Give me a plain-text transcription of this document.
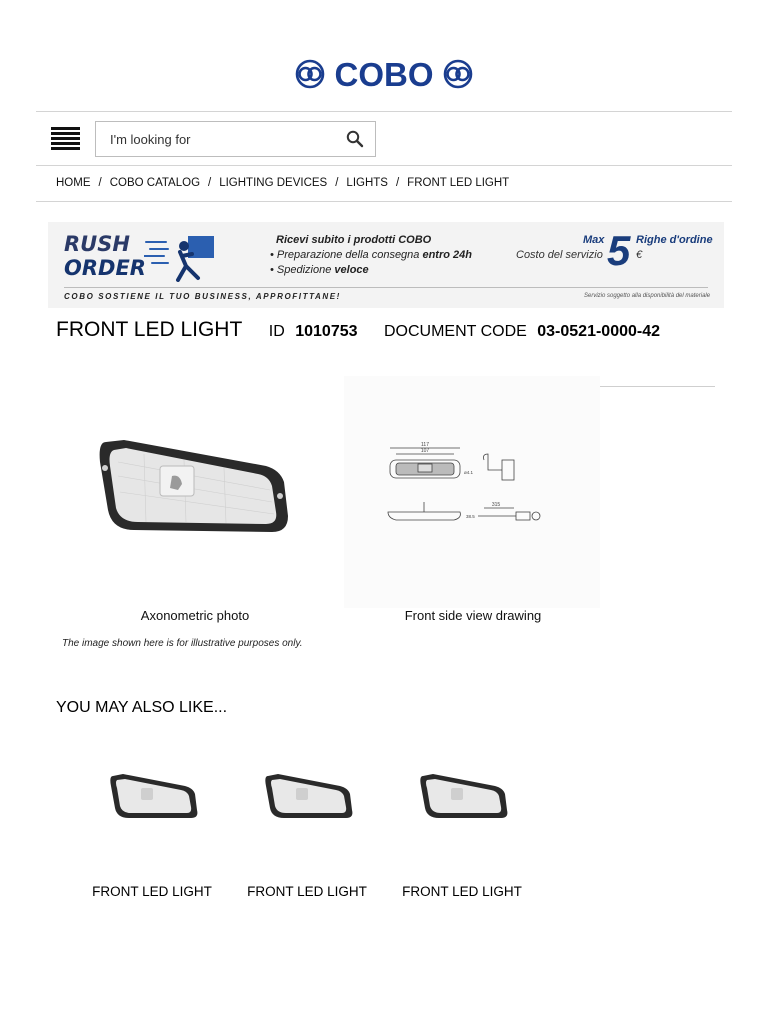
COBO
I'm looking for
HOME / COBO CATALOG / LIGHTING DEVICES / LIGHTS / FRONT LED LIGHT
RUSH
ORDER
Ricevi subito i prodotti COBO
• Preparazione della consegna entro 24h
• Spedizione veloce
Costo del servizio
Max 5 Righe d'ordine
€
COBO SOSTIENE IL TUO BUSINESS, APPROFITTANE!	Servizio soggetto alla disponibilità del materiale
FRONT LED LIGHT ID 1010753 DOCUMENT CODE 03-0521-0000-42
117
107
ø4.1
38.5
315
Axonometric photo	Front side view drawing
The image shown here is for illustrative purposes only.
YOU MAY ALSO LIKE...
FRONT LED LIGHT	FRONT LED LIGHT	FRONT LED LIGHT
